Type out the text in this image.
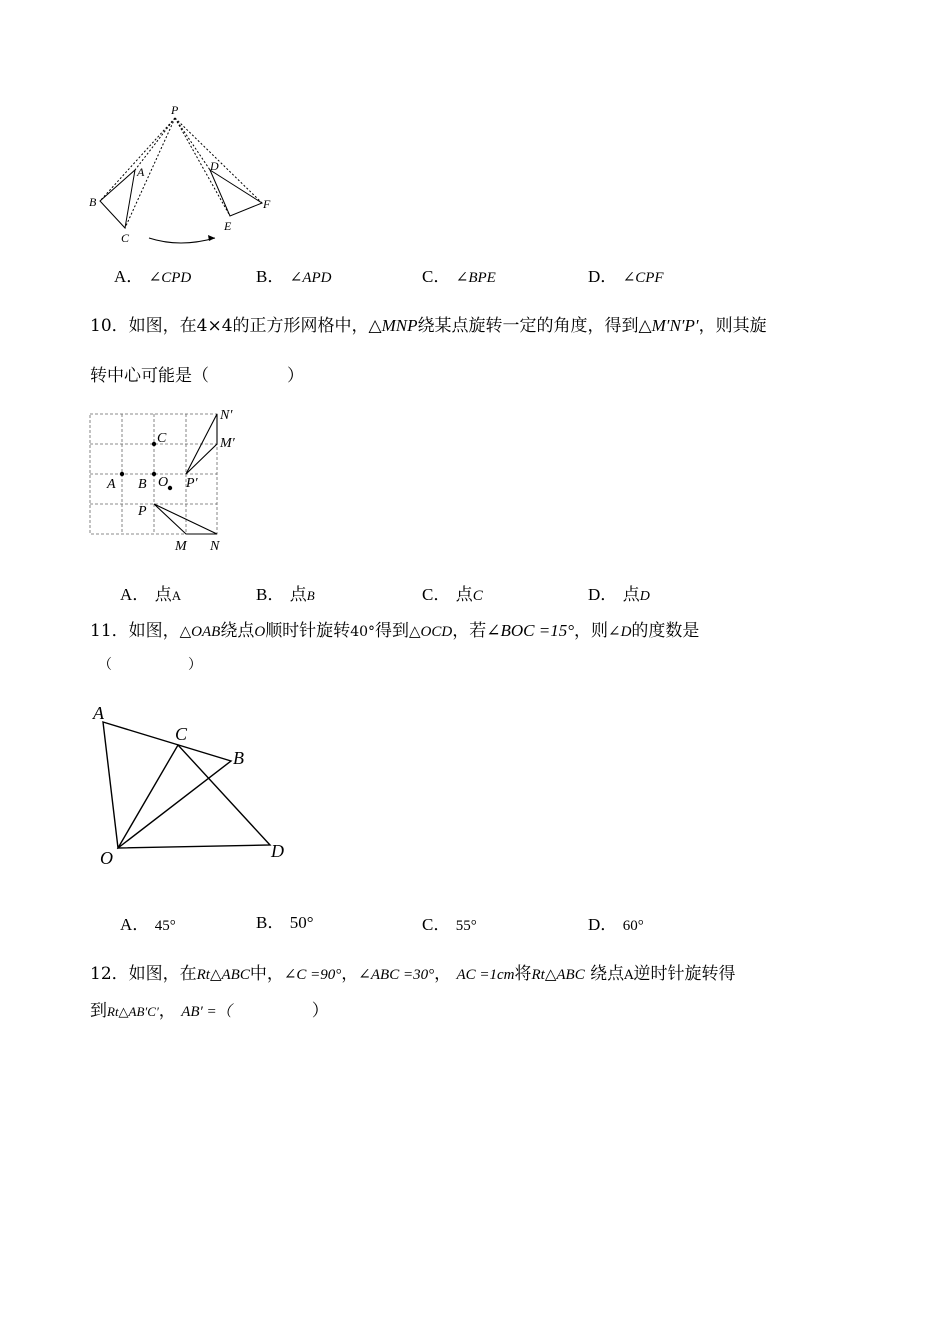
P
A
B
C
D
E
F
A． ∠CPD	B． ∠APD	C． ∠BPE	D． ∠CPF
10．如图，在4×4的正方形网格中，△MNP绕某点旋转一定的角度，得到△M′N′P′，则其旋
转中心可能是（	）
N′
M′
C
A B O P′
P
M N
A． 点A	B． 点B	C． 点C	D． 点D
11．如图，△OAB绕点O顺时针旋转40°得到△OCD，若∠BOC =15°，则∠D的度数是
（	）
A
C
B
O	D
A． 45°	B． 50°	C． 55°	D． 60°
12．如图，在Rt△ABC中，∠C =90°，∠ABC =30°， AC =1cm将Rt△ABC 绕点A逆时针旋转得
到Rt△AB′C′， AB′ =（	）
